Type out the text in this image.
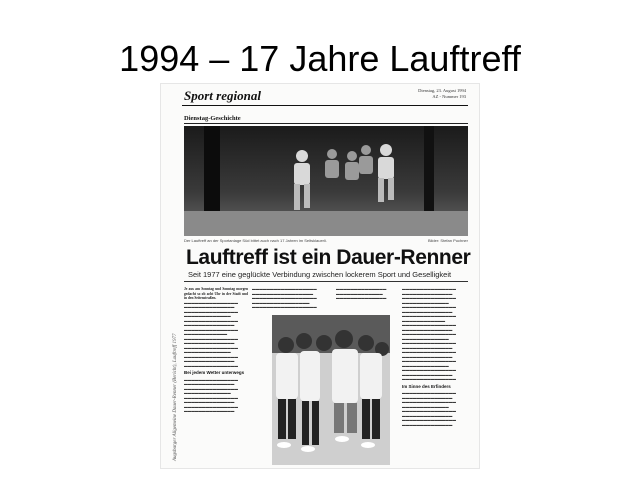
1994 – 17 Jahre Lauftreff
Sport regional	Dienstag, 23. August 1994
AZ - Nummer 193
Dienstag-Geschichte
Der Lauftreff an der Sportanlage Süd bittet auch nach 17 Jahren im Seltsklauerli.	Bilder: Stefan Puchner
Lauftreff ist ein Dauer-Renner
Seit 1977 eine geglückte Verbindung zwischen lockerem Sport und Geselligkeit
Je aus am Sonntag und Sonntag morgen gedacht so ob acht Uhr in der Stadt und in den Seitenstraßen.
▬▬▬▬▬▬▬▬▬▬▬▬▬▬▬
▬▬▬▬▬▬▬▬▬▬▬▬▬▬
▬▬▬▬▬▬▬▬▬▬▬▬▬▬▬
▬▬▬▬▬▬▬▬▬▬▬▬▬
▬▬▬▬▬▬▬▬▬▬▬▬▬▬▬
▬▬▬▬▬▬▬▬▬▬▬▬▬▬
▬▬▬▬▬▬▬▬▬▬▬▬▬▬▬
▬▬▬▬▬▬▬▬▬▬▬▬
▬▬▬▬▬▬▬▬▬▬▬▬▬▬▬
▬▬▬▬▬▬▬▬▬▬▬▬▬▬
▬▬▬▬▬▬▬▬▬▬▬▬▬▬▬
▬▬▬▬▬▬▬▬▬▬▬▬▬
▬▬▬▬▬▬▬▬▬▬▬▬▬▬▬
▬▬▬▬▬▬▬▬▬▬▬▬▬▬
▬▬▬▬▬▬▬▬▬▬▬▬▬▬▬
Bei jedem Wetter unterwegs
▬▬▬▬▬▬▬▬▬▬▬▬▬▬▬
▬▬▬▬▬▬▬▬▬▬▬▬▬▬
▬▬▬▬▬▬▬▬▬▬▬▬▬▬▬
▬▬▬▬▬▬▬▬▬▬▬▬▬
▬▬▬▬▬▬▬▬▬▬▬▬▬▬▬
▬▬▬▬▬▬▬▬▬▬▬▬▬▬
▬▬▬▬▬▬▬▬▬▬▬▬▬▬▬
▬▬▬▬▬▬▬▬▬▬▬▬▬▬
▬▬▬▬▬▬▬▬▬▬▬▬▬▬▬▬▬▬
▬▬▬▬▬▬▬▬▬▬▬▬▬▬▬▬▬
▬▬▬▬▬▬▬▬▬▬▬▬▬▬▬▬▬▬
▬▬▬▬▬▬▬▬▬▬▬▬▬▬▬▬
▬▬▬▬▬▬▬▬▬▬▬▬▬▬▬▬▬▬
▬▬▬▬▬▬▬▬▬▬▬▬▬▬
▬▬▬▬▬▬▬▬▬▬▬▬▬
▬▬▬▬▬▬▬▬▬▬▬▬▬▬
▬▬▬▬▬▬▬▬▬▬▬▬▬▬▬
▬▬▬▬▬▬▬▬▬▬▬▬▬▬
▬▬▬▬▬▬▬▬▬▬▬▬▬▬▬
▬▬▬▬▬▬▬▬▬▬▬▬▬
▬▬▬▬▬▬▬▬▬▬▬▬▬▬▬
▬▬▬▬▬▬▬▬▬▬▬▬▬▬
▬▬▬▬▬▬▬▬▬▬▬▬▬▬▬
▬▬▬▬▬▬▬▬▬▬▬▬
▬▬▬▬▬▬▬▬▬▬▬▬▬▬▬
▬▬▬▬▬▬▬▬▬▬▬▬▬▬
▬▬▬▬▬▬▬▬▬▬▬▬▬▬▬
▬▬▬▬▬▬▬▬▬▬▬▬▬
▬▬▬▬▬▬▬▬▬▬▬▬▬▬▬
▬▬▬▬▬▬▬▬▬▬▬▬▬▬
▬▬▬▬▬▬▬▬▬▬▬▬▬▬▬
▬▬▬▬▬▬▬▬▬▬▬▬▬▬
▬▬▬▬▬▬▬▬▬▬▬▬▬▬▬
▬▬▬▬▬▬▬▬▬▬▬▬▬
▬▬▬▬▬▬▬▬▬▬▬▬▬▬▬
▬▬▬▬▬▬▬▬▬▬▬▬▬▬
▬▬▬▬▬▬▬▬▬▬▬▬▬▬▬
Im Sinne des Erfinders
▬▬▬▬▬▬▬▬▬▬▬▬▬▬▬
▬▬▬▬▬▬▬▬▬▬▬▬▬▬
▬▬▬▬▬▬▬▬▬▬▬▬▬▬▬
▬▬▬▬▬▬▬▬▬▬▬▬▬
▬▬▬▬▬▬▬▬▬▬▬▬▬▬▬
▬▬▬▬▬▬▬▬▬▬▬▬▬▬
▬▬▬▬▬▬▬▬▬▬▬▬▬▬▬
▬▬▬▬▬▬▬▬▬▬▬▬▬▬
Augsburger Allgemeine Dauer-Renner (Bericht), Lauftreff 1977
